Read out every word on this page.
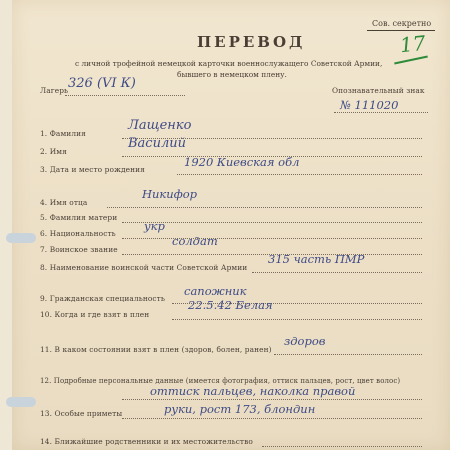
Сов. секретно
17
ПЕРЕВОД
с личной трофейной немецкой карточки военнослужащего Советской Армии,
бывшего в немецком плену.
Лагерь 326 (VI К)	Опознавательный знак
№ 111020
1. Фамилия
Лащенко
2. Имя
Василий
3. Дата и место рождения
1920 Киевская обл
4. Имя отца
Никифор
5. Фамилия матери
6. Национальность
укр
7. Воинское звание
солдат
8. Наименование воинской части Советской Армии
315 часть ПМР
9. Гражданская специальность
сапожник
10. Когда и где взят в плен
22.5.42 Белая
11. В каком состоянии взят в плен (здоров, болен, ранен)
здоров
12. Подробные персональные данные (имеется фотография, оттиск пальцев, рост, цвет волос)
оттиск пальцев, наколка правой
13. Особые приметы	руки, рост 173, блондин
14. Ближайшие родственники и их местожительство
